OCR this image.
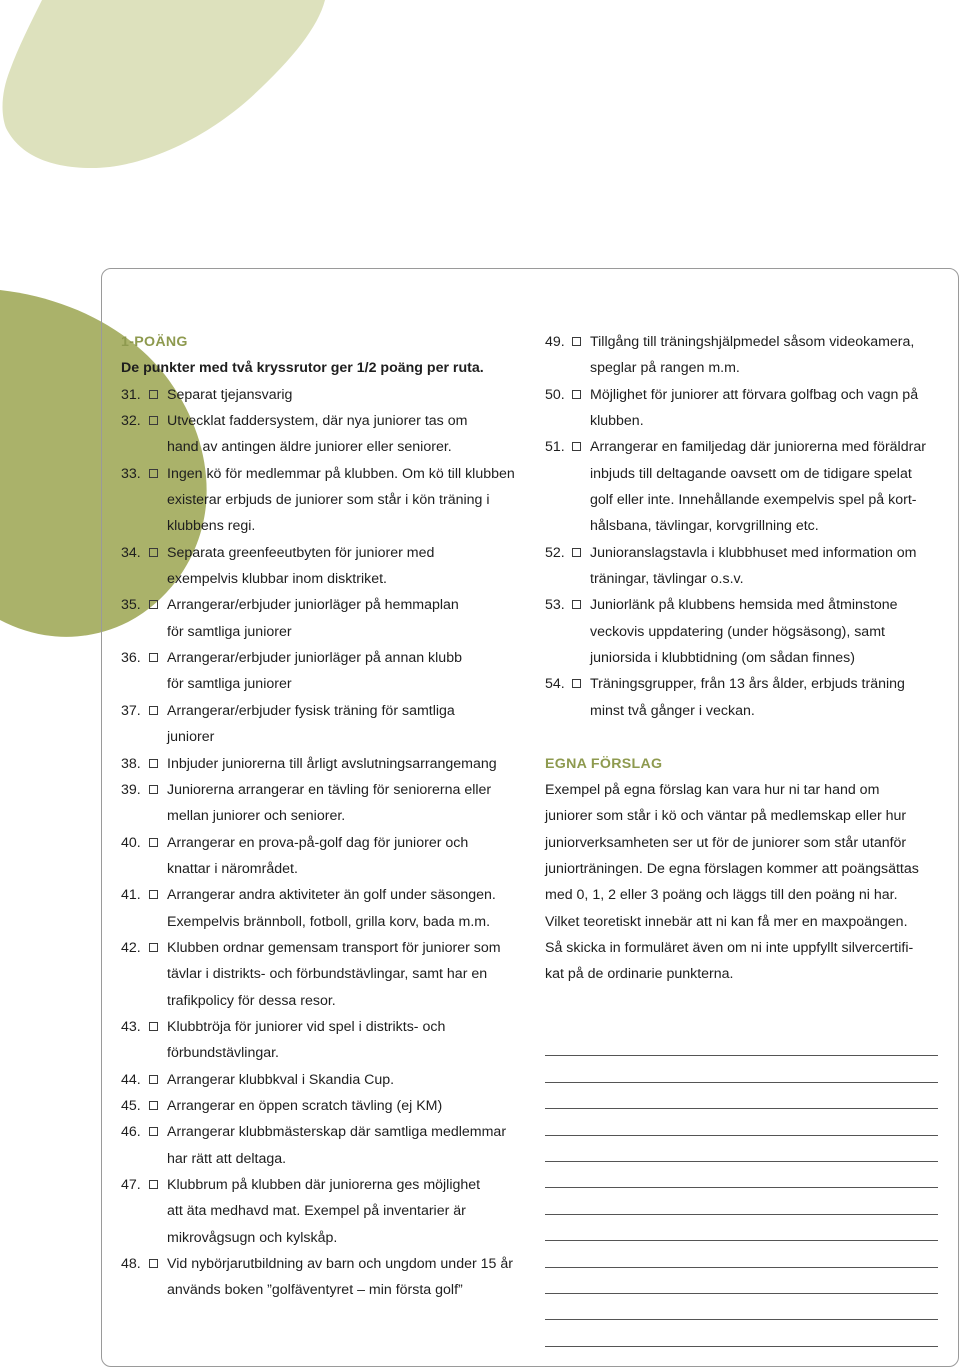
1-POÄNG
De punkter med två kryssrutor ger 1/2 poäng per ruta.
31.	Separat tjejansvarig
32.	Utvecklat faddersystem, där nya juniorer tas om
hand av antingen äldre juniorer eller seniorer.
33.	Ingen kö för medlemmar på klubben. Om kö till klubben
existerar erbjuds de juniorer som står i kön träning i
klubbens regi.
34.	Separata greenfeeutbyten för juniorer med
exempelvis klubbar inom disktriket.
35.	Arrangerar/erbjuder juniorläger på hemmaplan
för samtliga juniorer
36.	Arrangerar/erbjuder juniorläger på annan klubb
för samtliga juniorer
37.	Arrangerar/erbjuder fysisk träning för samtliga
juniorer
38.	Inbjuder juniorerna till årligt avslutningsarrangemang
39.	Juniorerna arrangerar en tävling för seniorerna eller
mellan juniorer och seniorer.
40.	Arrangerar en prova-på-golf dag för juniorer och
knattar i närområdet.
41.	Arrangerar andra aktiviteter än golf under säsongen.
Exempelvis brännboll, fotboll, grilla korv, bada m.m.
42.	Klubben ordnar gemensam transport för juniorer som
tävlar i distrikts- och förbundstävlingar, samt har en
trafikpolicy för dessa resor.
43.	Klubbtröja för juniorer vid spel i distrikts- och
förbundstävlingar.
44.	Arrangerar klubbkval i Skandia Cup.
45.	Arrangerar en öppen scratch tävling (ej KM)
46.	Arrangerar klubbmästerskap där samtliga medlemmar
har rätt att deltaga.
47.	Klubbrum på klubben där juniorerna ges möjlighet
att äta medhavd mat. Exempel på inventarier är
mikrovågsugn och kylskåp.
48.	Vid nybörjarutbildning av barn och ungdom under 15 år
används boken ”golfäventyret – min första golf”
49.	Tillgång till träningshjälpmedel såsom videokamera,
speglar på rangen m.m.
50.	Möjlighet för juniorer att förvara golfbag och vagn på
klubben.
51.	Arrangerar en familjedag där juniorerna med föräldrar
inbjuds till deltagande oavsett om de tidigare spelat
golf eller inte. Innehållande exempelvis spel på kort-
hålsbana, tävlingar, korvgrillning etc.
52.	Junioranslagstavla i klubbhuset med information om
träningar, tävlingar o.s.v.
53.	Juniorlänk på klubbens hemsida med åtminstone
veckovis uppdatering (under högsäsong), samt
juniorsida i klubbtidning (om sådan finnes)
54.	Träningsgrupper, från 13 års ålder, erbjuds träning
minst två gånger i veckan.
EGNA FÖRSLAG
Exempel på egna förslag kan vara hur ni tar hand om
juniorer som står i kö och väntar på medlemskap eller hur
juniorverksamheten ser ut för de juniorer som står utanför
juniorträningen. De egna förslagen kommer att poängsättas
med 0, 1, 2 eller 3 poäng och läggs till den poäng ni har.
Vilket teoretiskt innebär att ni kan få mer en maxpoängen.
Så skicka in formuläret även om ni inte uppfyllt silvercertifi-
kat på de ordinarie punkterna.
